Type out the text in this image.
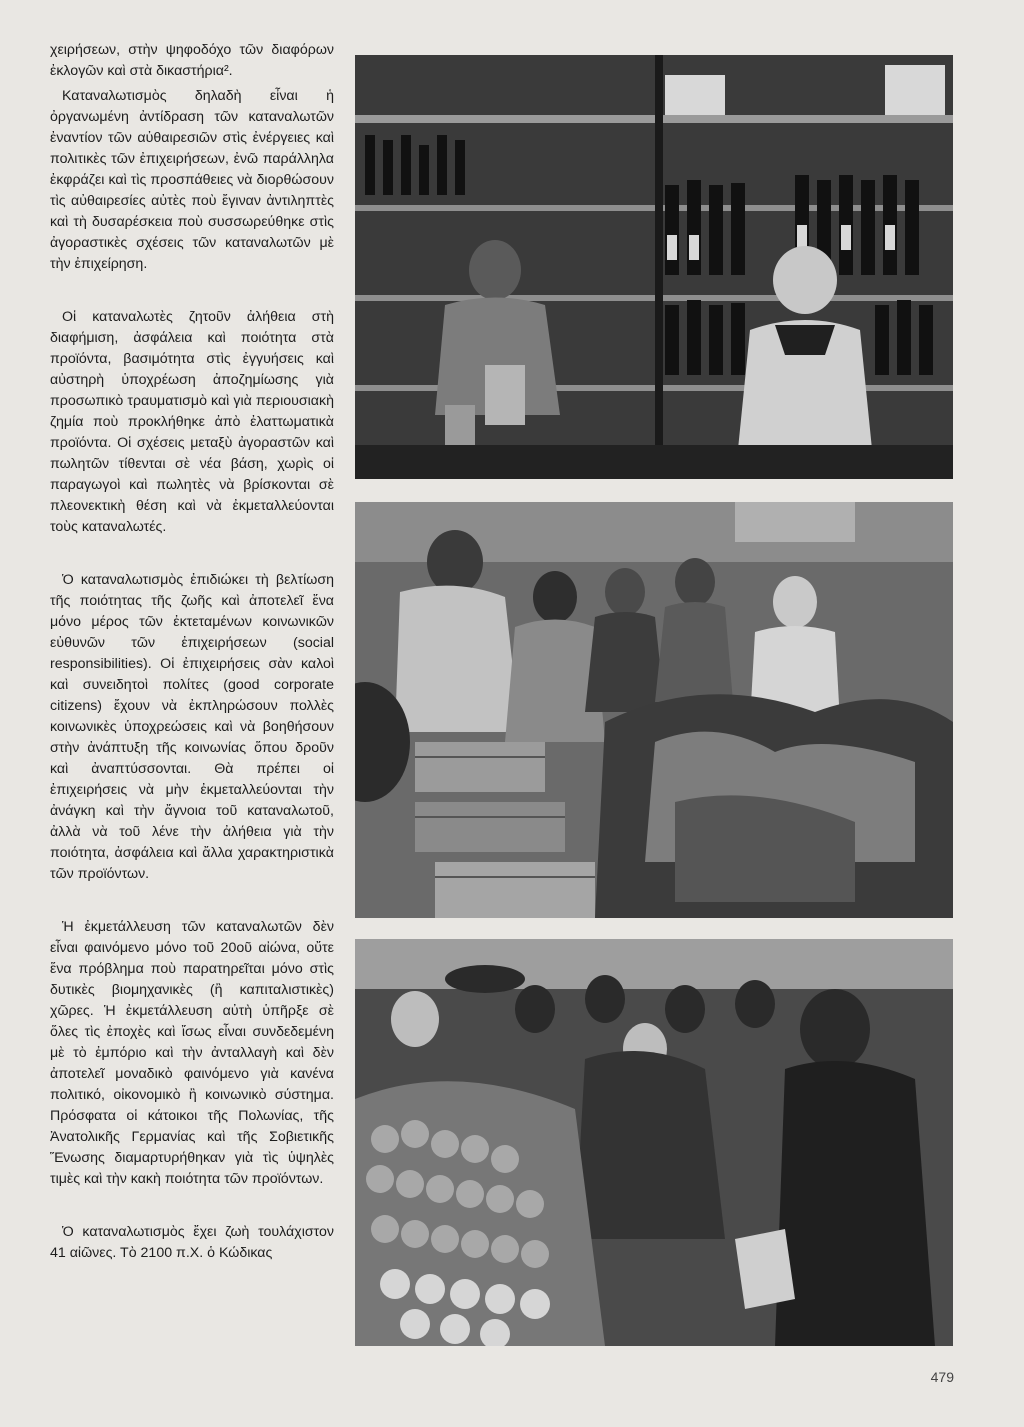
χειρήσεων, στὴν ψηφοδόχο τῶν διαφόρων ἐκλογῶν καὶ στὰ δικαστήρια².

Καταναλωτισμὸς δηλαδὴ εἶναι ἡ ὀργανωμένη ἀντίδραση τῶν καταναλωτῶν ἐναντίον τῶν αὐθαιρεσιῶν στὶς ἐνέργειες καὶ πολιτικὲς τῶν ἐπιχειρήσεων, ἐνῶ παράλληλα ἐκφράζει καὶ τὶς προσπάθειες νὰ διορθώσουν τὶς αὐθαιρεσίες αὐτὲς ποὺ ἔγιναν ἀντιληπτὲς καὶ τὴ δυσαρέσκεια ποὺ συσσωρεύθηκε στὶς ἀγοραστικὲς σχέσεις τῶν καταναλωτῶν μὲ τὴν ἐπιχείρηση.

Οἱ καταναλωτὲς ζητοῦν ἀλήθεια στὴ διαφήμιση, ἀσφάλεια καὶ ποιότητα στὰ προϊόντα, βασιμότητα στὶς ἐγγυήσεις καὶ αὐστηρὴ ὑποχρέωση ἀποζημίωσης γιὰ προσωπικὸ τραυματισμὸ καὶ γιὰ περιουσιακὴ ζημία ποὺ προκλήθηκε ἀπὸ ἐλαττωματικὰ προϊόντα. Οἱ σχέσεις μεταξὺ ἀγοραστῶν καὶ πωλητῶν τίθενται σὲ νέα βάση, χωρὶς οἱ παραγωγοὶ καὶ πωλητὲς νὰ βρίσκονται σὲ πλεονεκτικὴ θέση καὶ νὰ ἐκμεταλλεύονται τοὺς καταναλωτές.

Ὁ καταναλωτισμὸς ἐπιδιώκει τὴ βελτίωση τῆς ποιότητας τῆς ζωῆς καὶ ἀποτελεῖ ἕνα μόνο μέρος τῶν ἐκτεταμένων κοινωνικῶν εὐθυνῶν τῶν ἐπιχειρήσεων (social responsibilities). Οἱ ἐπιχειρήσεις σὰν καλοὶ καὶ συνειδητοὶ πολίτες (good corporate citizens) ἔχουν νὰ ἐκπληρώσουν πολλὲς κοινωνικὲς ὑποχρεώσεις καὶ νὰ βοηθήσουν στὴν ἀνάπτυξη τῆς κοινωνίας ὅπου δροῦν καὶ ἀναπτύσσονται. Θὰ πρέπει οἱ ἐπιχειρήσεις νὰ μὴν ἐκμεταλλεύονται τὴν ἀνάγκη καὶ τὴν ἄγνοια τοῦ καταναλωτοῦ, ἀλλὰ νὰ τοῦ λένε τὴν ἀλήθεια γιὰ τὴν ποιότητα, ἀσφάλεια καὶ ἄλλα χαρακτηριστικὰ τῶν προϊόντων.

Ἡ ἐκμετάλλευση τῶν καταναλωτῶν δὲν εἶναι φαινόμενο μόνο τοῦ 20οῦ αἰώνα, οὔτε ἕνα πρόβλημα ποὺ παρατηρεῖται μόνο στὶς δυτικὲς βιομηχανικὲς (ἢ καπιταλιστικὲς) χῶρες. Ἡ ἐκμετάλλευση αὐτὴ ὑπῆρξε σὲ ὅλες τὶς ἐποχὲς καὶ ἴσως εἶναι συνδεδεμένη μὲ τὸ ἐμπόριο καὶ τὴν ἀνταλλαγὴ καὶ δὲν ἀποτελεῖ μοναδικὸ φαινόμενο γιὰ κανένα πολιτικό, οἰκονομικὸ ἢ κοινωνικὸ σύστημα. Πρόσφατα οἱ κάτοικοι τῆς Πολωνίας, τῆς Ἀνατολικῆς Γερμανίας καὶ τῆς Σοβιετικῆς Ἕνωσης διαμαρτυρήθηκαν γιὰ τὶς ὑψηλὲς τιμὲς καὶ τὴν κακὴ ποιότητα τῶν προϊόντων.

Ὁ καταναλωτισμὸς ἔχει ζωὴ τουλάχιστον 41 αἰῶνες. Τὸ 2100 π.Χ. ὁ Κώδικας

479
